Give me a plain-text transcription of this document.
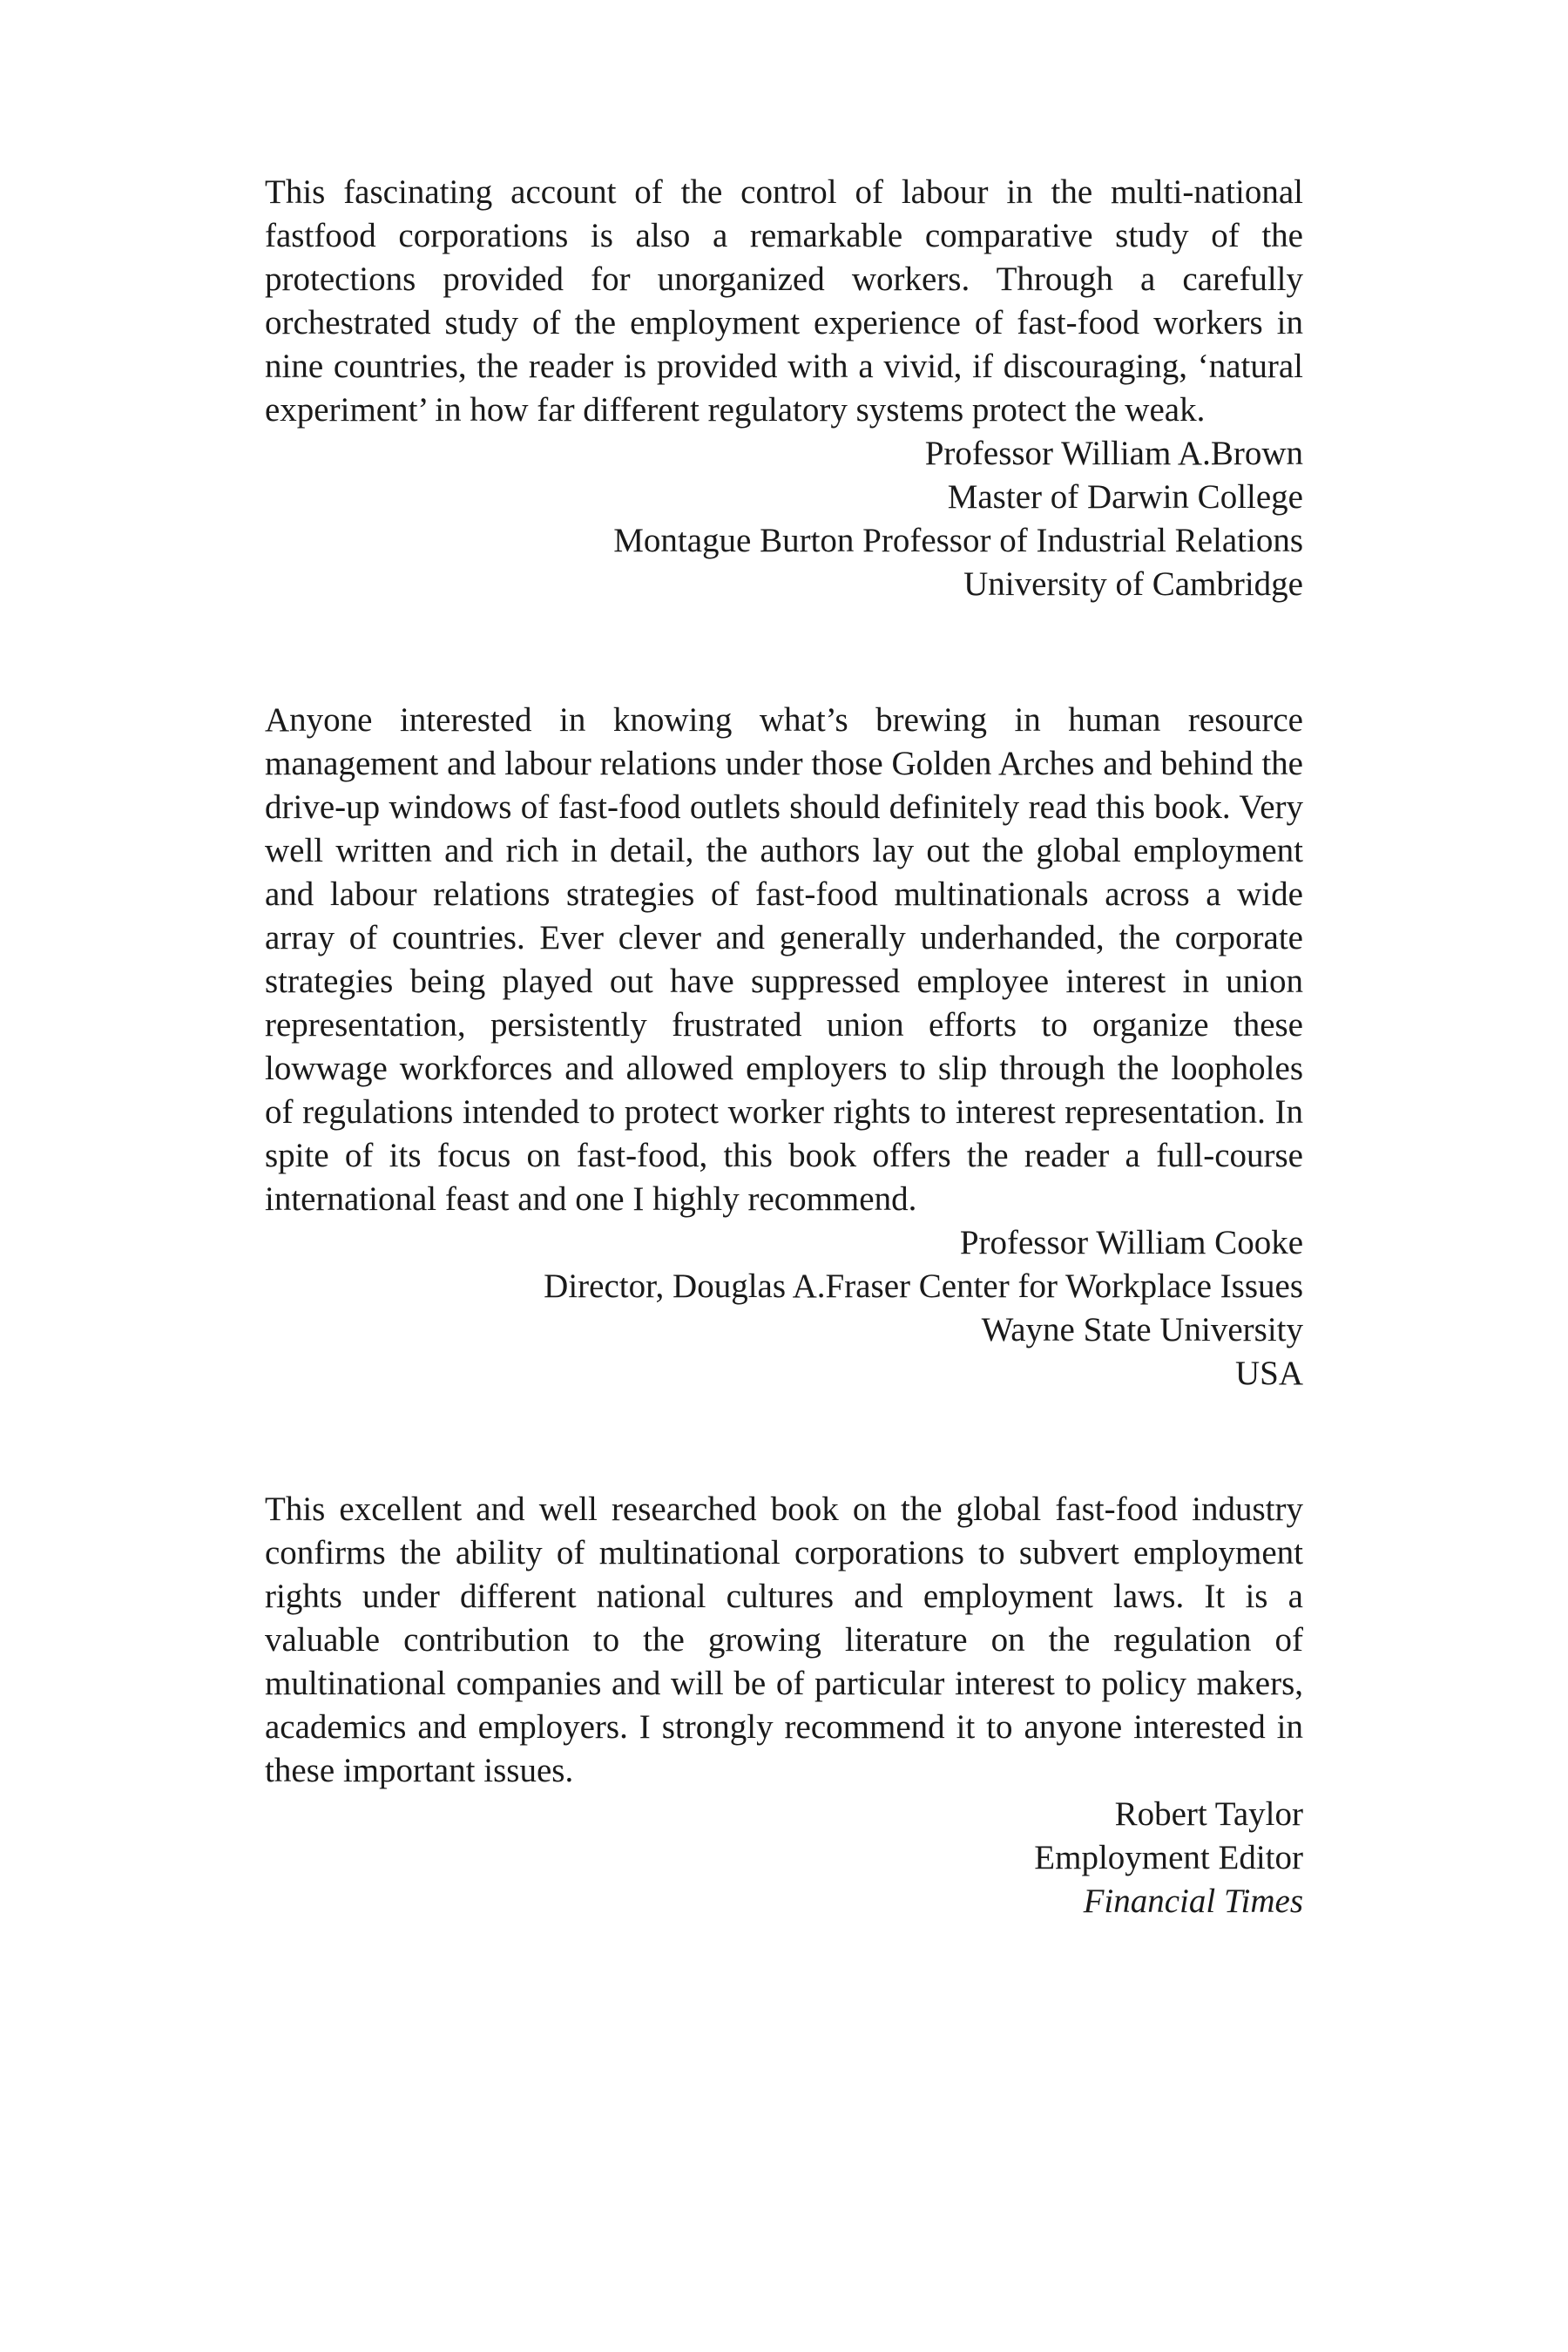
This fascinating account of the control of labour in the multi-national fastfood corporations is also a remarkable comparative study of the protections provided for unorganized workers. Through a carefully orchestrated study of the employment experience of fast-food workers in nine countries, the reader is provided with a vivid, if discouraging, ‘natural experiment’ in how far different regulatory systems protect the weak.

Professor William A.Brown
Master of Darwin College
Montague Burton Professor of Industrial Relations
University of Cambridge

Anyone interested in knowing what’s brewing in human resource management and labour relations under those Golden Arches and behind the drive-up windows of fast-food outlets should definitely read this book. Very well written and rich in detail, the authors lay out the global employment and labour relations strategies of fast-food multinationals across a wide array of countries. Ever clever and generally underhanded, the corporate strategies being played out have suppressed employee interest in union representation, persistently frustrated union efforts to organize these lowwage workforces and allowed employers to slip through the loopholes of regulations intended to protect worker rights to interest representation. In spite of its focus on fast-food, this book offers the reader a full-course international feast and one I highly recommend.

Professor William Cooke
Director, Douglas A.Fraser Center for Workplace Issues
Wayne State University
USA

This excellent and well researched book on the global fast-food industry confirms the ability of multinational corporations to subvert employment rights under different national cultures and employment laws. It is a valuable contribution to the growing literature on the regulation of multinational companies and will be of particular interest to policy makers, academics and employers. I strongly recommend it to anyone interested in these important issues.

Robert Taylor
Employment Editor
Financial Times
